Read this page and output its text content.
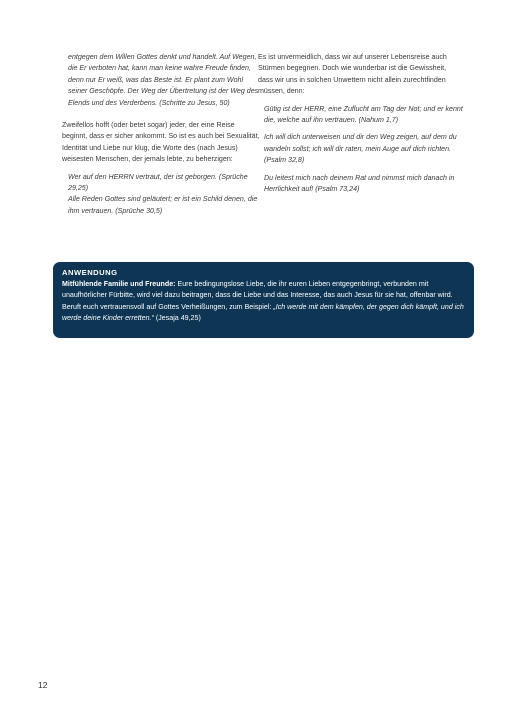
entgegen dem Willen Gottes denkt und handelt. Auf Wegen, die Er verboten hat, kann man keine wahre Freude finden, denn nur Er weiß, was das Beste ist. Er plant zum Wohl seiner Geschöpfe. Der Weg der Übertretung ist der Weg des Elends und des Verderbens. (Schritte zu Jesus, 50)

Zweifellos hofft (oder betet sogar) jeder, der eine Reise beginnt, dass er sicher ankommt. So ist es auch bei Sexualität, Identität und Liebe nur klug, die Worte des (nach Jesus) weisesten Menschen, der jemals lebte, zu beherzigen:

Wer auf den HERRN vertraut, der ist geborgen. (Sprüche 29,25)

Alle Reden Gottes sind geläutert; er ist ein Schild denen, die ihm vertrauen. (Sprüche 30,5)

Es ist unvermeidlich, dass wir auf unserer Lebensreise auch Stürmen begegnen. Doch wie wunderbar ist die Gewissheit, dass wir uns in solchen Unwettern nicht allein zurechtfinden müssen, denn:

Gütig ist der HERR, eine Zuflucht am Tag der Not; und er kennt die, welche auf ihn vertrauen. (Nahum 1,7)

Ich will dich unterweisen und dir den Weg zeigen, auf dem du wandeln sollst; ich will dir raten, mein Auge auf dich richten. (Psalm 32,8)

Du leitest mich nach deinem Rat und nimmst mich danach in Herrlichkeit auf! (Psalm 73,24)

ANWENDUNG
Mitfühlende Familie und Freunde: Eure bedingungslose Liebe, die ihr euren Lieben entgegenbringt, verbunden mit unaufhörlicher Fürbitte, wird viel dazu beitragen, dass die Liebe und das Interesse, das auch Jesus für sie hat, offenbar wird. Beruft euch vertrauensvoll auf Gottes Verheißungen, zum Beispiel: „Ich werde mit dem kämpfen, der gegen dich kämpft, und ich werde deine Kinder erretten.“ (Jesaja 49,25)
12
